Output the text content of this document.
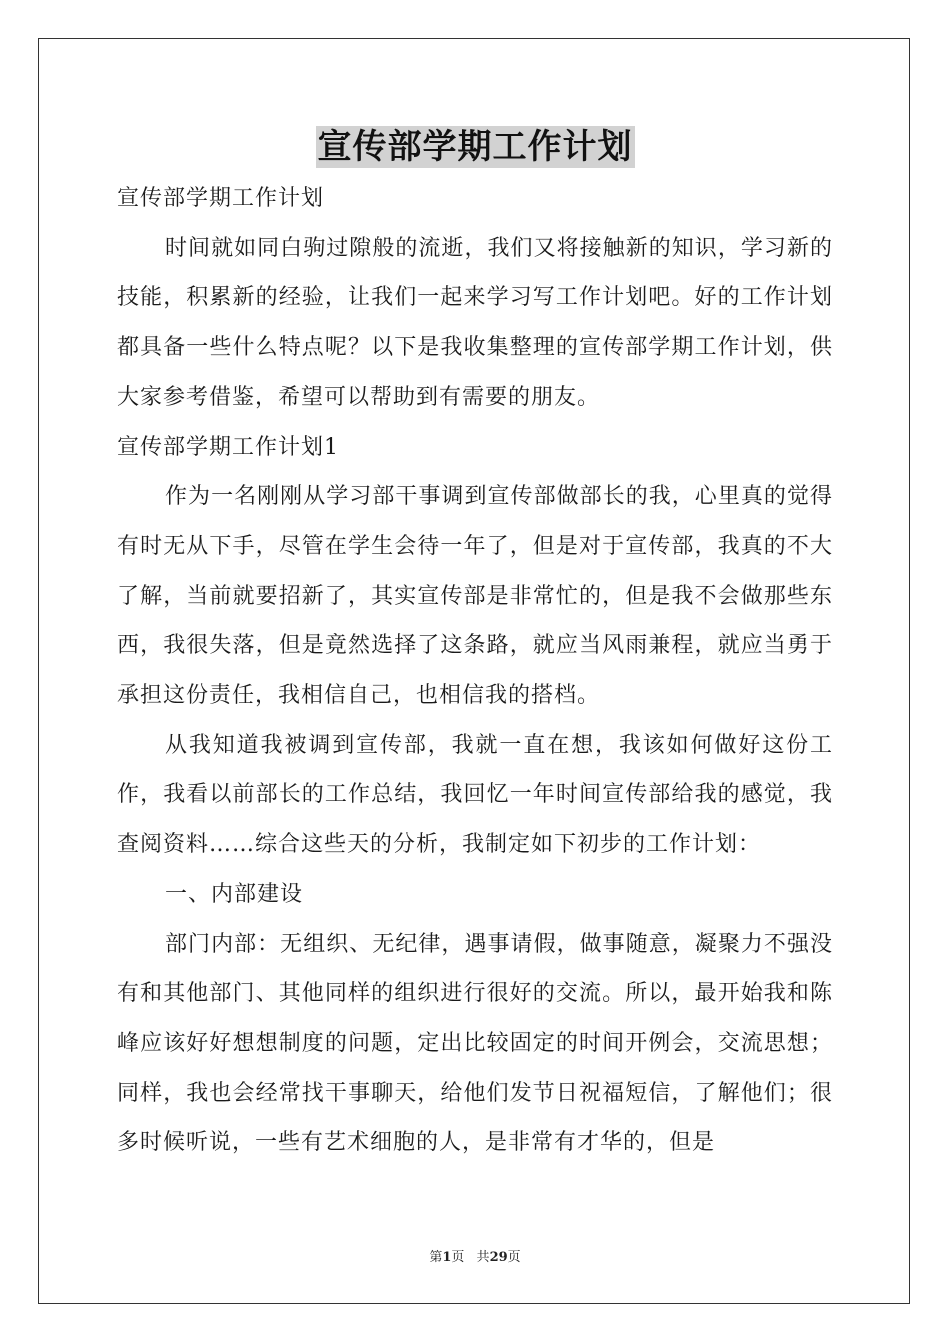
宣传部学期工作计划

宣传部学期工作计划

时间就如同白驹过隙般的流逝，我们又将接触新的知识，学习新的技能，积累新的经验，让我们一起来学习写工作计划吧。好的工作计划都具备一些什么特点呢？以下是我收集整理的宣传部学期工作计划，供大家参考借鉴，希望可以帮助到有需要的朋友。

宣传部学期工作计划1

作为一名刚刚从学习部干事调到宣传部做部长的我，心里真的觉得有时无从下手，尽管在学生会待一年了，但是对于宣传部，我真的不大了解，当前就要招新了，其实宣传部是非常忙的，但是我不会做那些东西，我很失落，但是竟然选择了这条路，就应当风雨兼程，就应当勇于承担这份责任，我相信自己，也相信我的搭档。

从我知道我被调到宣传部，我就一直在想，我该如何做好这份工作，我看以前部长的工作总结，我回忆一年时间宣传部给我的感觉，我查阅资料……综合这些天的分析，我制定如下初步的工作计划：

一、内部建设

部门内部：无组织、无纪律，遇事请假，做事随意，凝聚力不强没有和其他部门、其他同样的组织进行很好的交流。所以，最开始我和陈峰应该好好想想制度的问题，定出比较固定的时间开例会，交流思想；同样，我也会经常找干事聊天，给他们发节日祝福短信，了解他们；很多时候听说，一些有艺术细胞的人，是非常有才华的，但是

第1页 共29页
